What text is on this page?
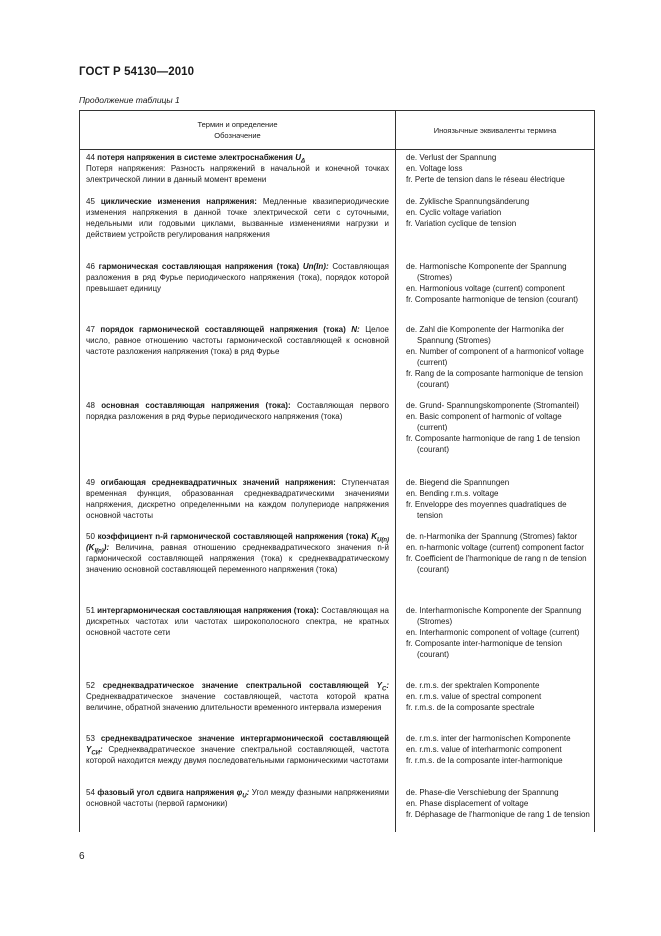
ГОСТ Р 54130—2010
Продолжение таблицы 1
Термин и определение
Обозначение
Иноязычные эквиваленты термина
44 потеря напряжения в системе электроснабжения $U_\Delta$
Потеря напряжения: Разность напряжений в начальной и конечной точках электрической линии в данный момент времени
de. Verlust der Spannung
en. Voltage loss
fr. Perte de tension dans le réseau électrique
45 циклические изменения напряжения: Медленные квазипериодические изменения напряжения в данной точке электрической сети с суточными, недельными или годовыми циклами, вызванные изменениями нагрузки и действием устройств регулирования напряжения
de. Zyklische Spannungsänderung
en. Cyclic voltage variation
fr. Variation cyclique de tension
46 гармоническая составляющая напряжения (тока) Un(In): Составляющая разложения в ряд Фурье периодического напряжения (тока), порядок которой превышает единицу
de. Harmonische Komponente der Spannung (Stromes)
en. Harmonious voltage (current) component
fr. Composante harmonique de tension (courant)
47 порядок гармонической составляющей напряжения (тока) N: Целое число, равное отношению частоты гармонической составляющей к основной частоте разложения напряжения (тока) в ряд Фурье
de. Zahl die Komponente der Harmonika der Spannung (Stromes)
en. Number of component of a harmonicof voltage (current)
fr. Rang de la composante harmonique de tension (courant)
48 основная составляющая напряжения (тока): Составляющая первого порядка разложения в ряд Фурье периодического напряжения (тока)
de. Grund- Spannungskomponente (Stromanteil)
en. Basic component of harmonic of voltage (current)
fr. Composante harmonique de rang 1 de tension (courant)
49 огибающая среднеквадратичных значений напряжения: Ступенчатая временная функция, образованная среднеквадратическими значениями напряжения, дискретно определенными на каждом полупериоде напряжения основной частоты
de. Biegend die Spannungen
en. Bending r.m.s. voltage
fr. Enveloppe des moyennes quadratiques de tension
50 коэффициент n-й гармонической составляющей напряжения (тока) $K_{U(n)}(K_{I(n)})$: Величина, равная отношению среднеквадратического значения n-й гармонической составляющей напряжения (тока) к среднеквадратическому значению основной составляющей переменного напряжения (тока)
de. n-Harmonika der Spannung (Stromes) faktor
en. n-harmonic voltage (current) component factor
fr. Coefficient de l'harmonique de rang n de tension (courant)
51 интергармоническая составляющая напряжения (тока): Составляющая на дискретных частотах или частотах широкополосного спектра, не кратных основной частоте сети
de. Interharmonische Komponente der Spannung (Stromes)
en. Interharmonic component of voltage (current)
fr. Composante inter-harmonique de tension (courant)
52 среднеквадратическое значение спектральной составляющей $Y_C$: Среднеквадратическое значение составляющей, частота которой кратна величине, обратной значению длительности временного интервала измерения
de. r.m.s. der spektralen Komponente
en. r.m.s. value of spectral component
fr. r.m.s. de la composante spectrale
53 среднеквадратическое значение интергармонической составляющей $Y_{CИ}$: Среднеквадратическое значение спектральной составляющей, частота которой находится между двумя последовательными гармоническими частотами
de. r.m.s. inter der harmonischen Komponente
en. r.m.s. value of interharmonic component
fr. r.m.s. de la composante inter-harmonique
54 фазовый угол сдвига напряжения $\varphi_U$: Угол между фазными напряжениями основной частоты (первой гармоники)
de. Phase-die Verschiebung der Spannung
en. Phase displacement of voltage
fr. Déphasage de l'harmonique de rang 1 de tension
6
